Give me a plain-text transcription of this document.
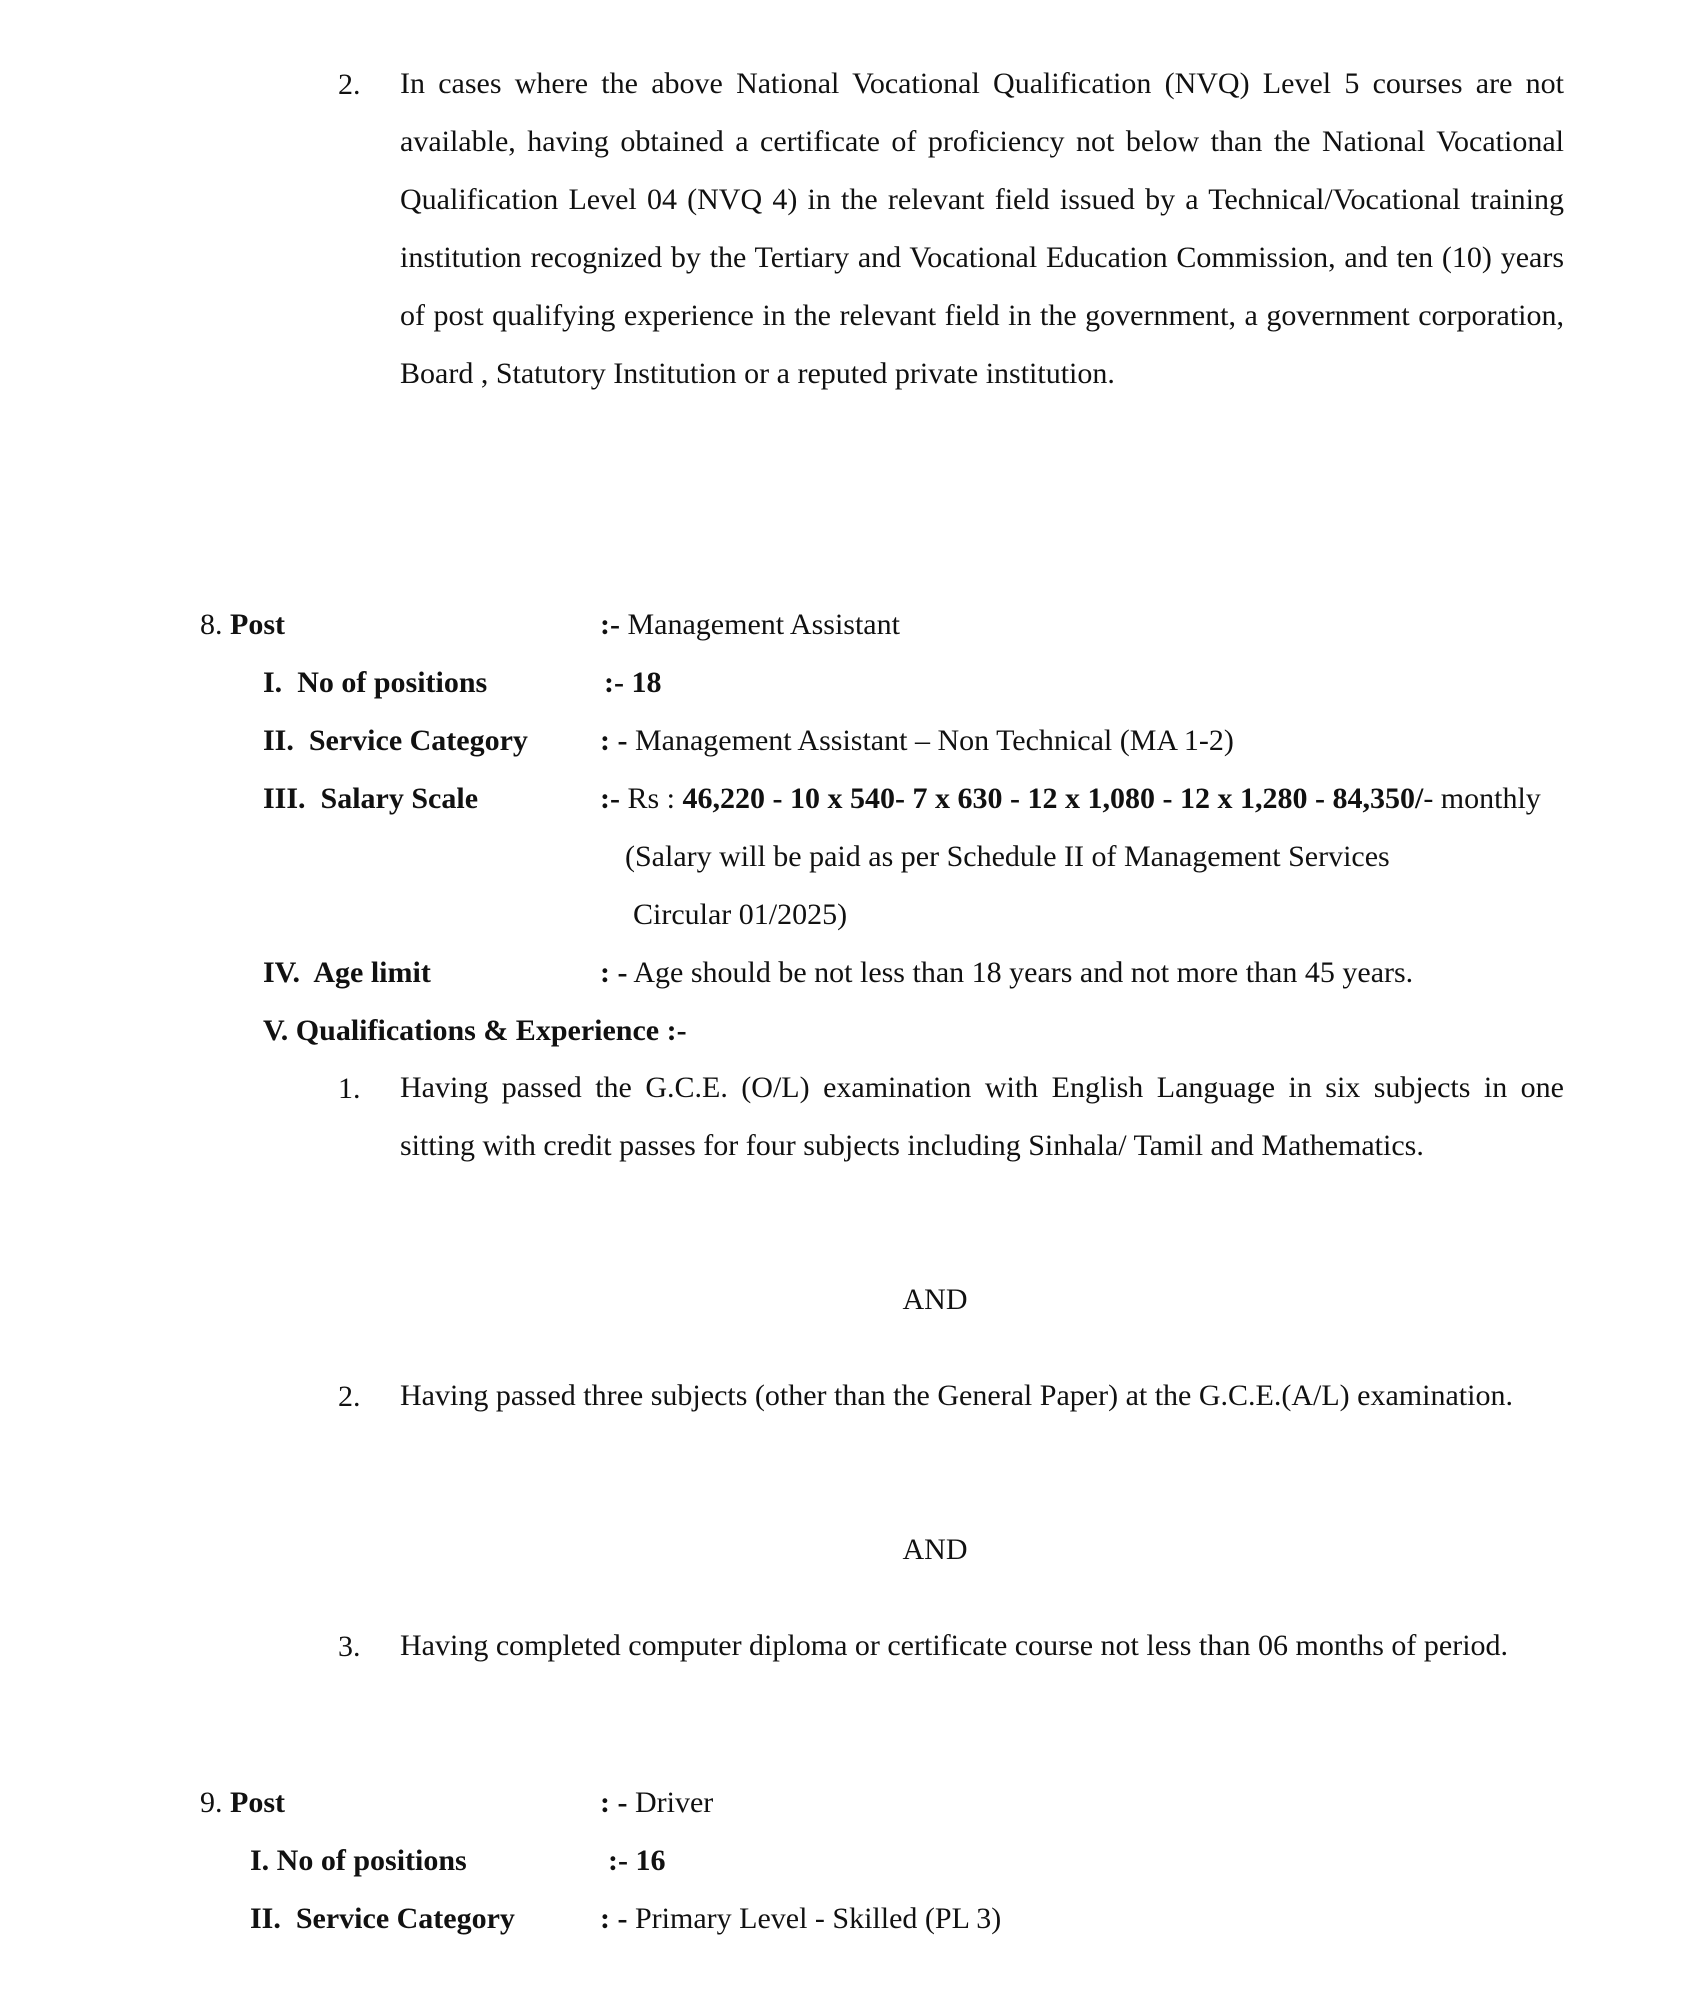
2. In cases where the above National Vocational Qualification (NVQ) Level 5 courses are not available, having obtained a certificate of proficiency not below than the National Vocational Qualification Level 04 (NVQ 4) in the relevant field issued by a Technical/Vocational training institution recognized by the Tertiary and Vocational Education Commission, and ten (10) years of post qualifying experience in the relevant field in the government, a government corporation, Board , Statutory Institution or a reputed private institution.
8. Post	:- Management Assistant
I. No of positions	:- 18
II. Service Category : - Management Assistant – Non Technical (MA 1-2)
III. Salary Scale	:- Rs : 46,220 - 10 x 540- 7 x 630 - 12 x 1,080 - 12 x 1,280 - 84,350/- monthly
(Salary will be paid as per Schedule II of Management Services
Circular 01/2025)
IV. Age limit	: - Age should be not less than 18 years and not more than 45 years.
V. Qualifications & Experience :-
1. Having passed the G.C.E. (O/L) examination with English Language in six subjects in one sitting with credit passes for four subjects including Sinhala/ Tamil and Mathematics.
AND
2. Having passed three subjects (other than the General Paper) at the G.C.E.(A/L) examination.
AND
3. Having completed computer diploma or certificate course not less than 06 months of period.
9. Post	: - Driver
I. No of positions	:- 16
II. Service Category	: - Primary Level - Skilled (PL 3)
